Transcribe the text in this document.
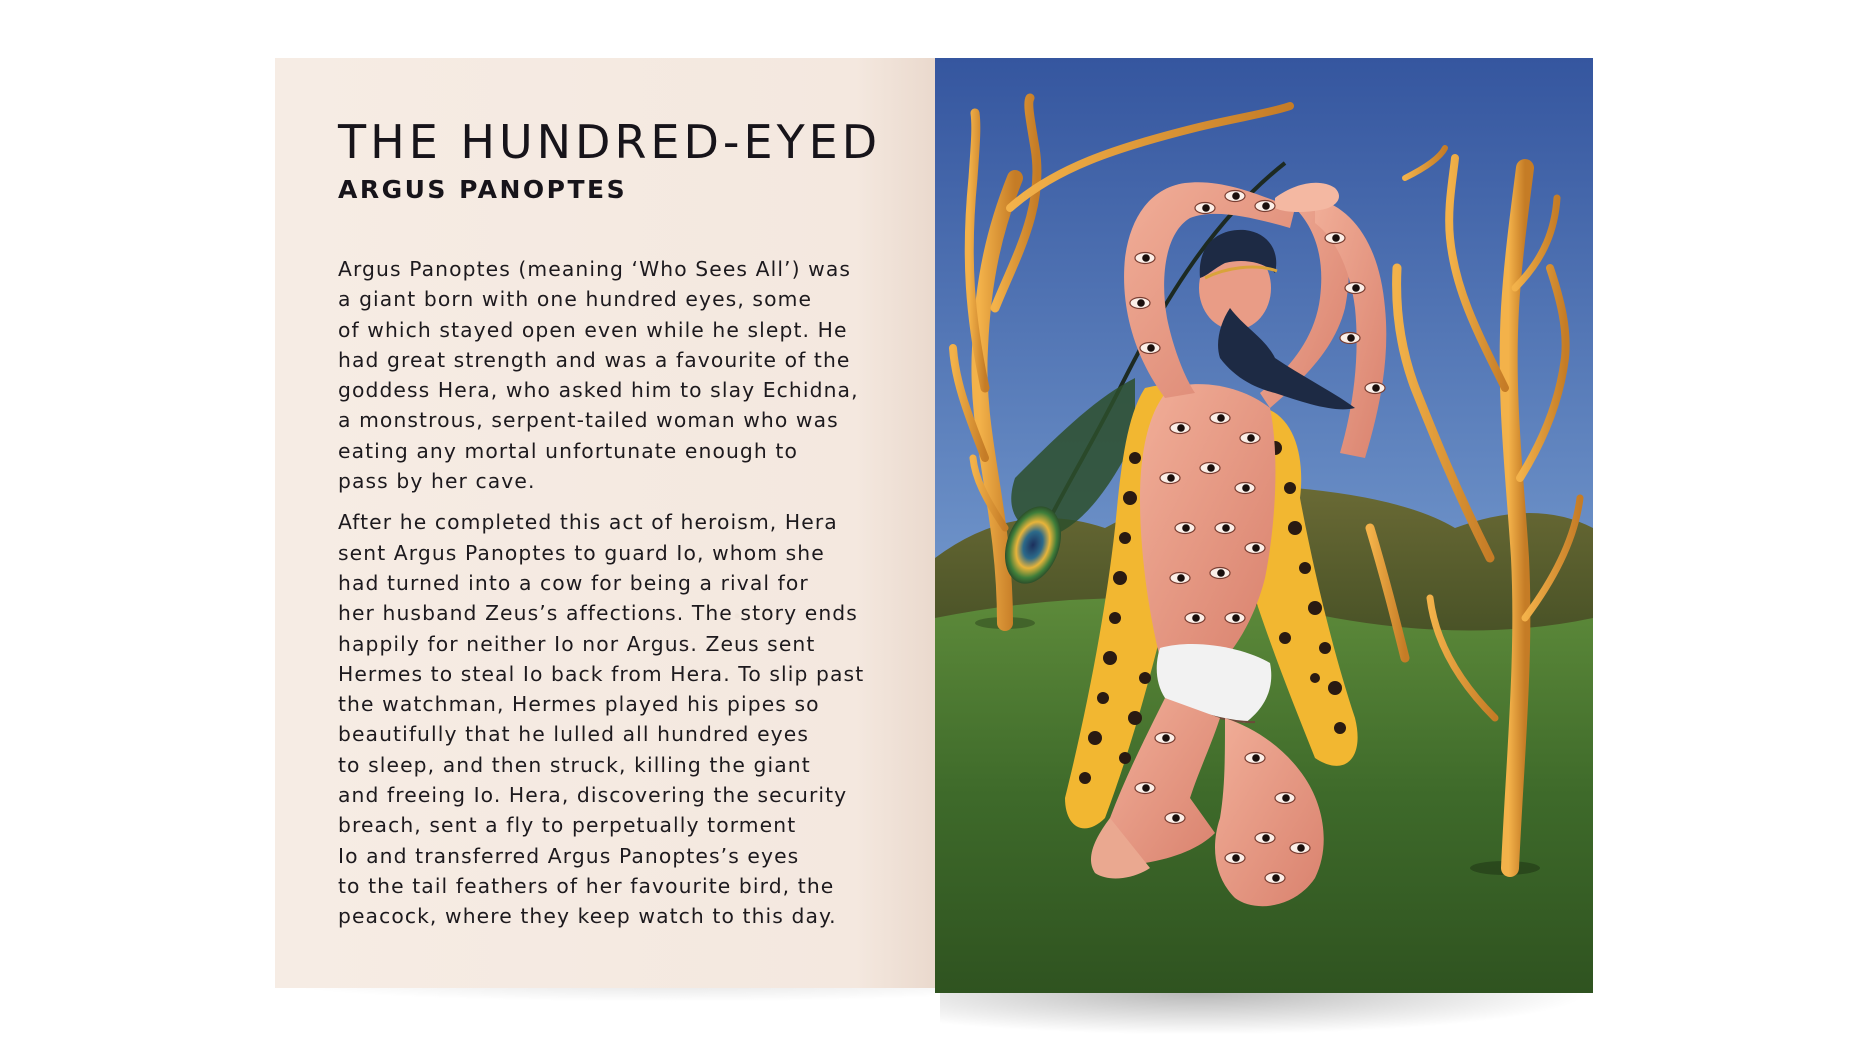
THE HUNDRED-EYED
ARGUS PANOPTES

Argus Panoptes (meaning ‘Who Sees All’) was
a giant born with one hundred eyes, some
of which stayed open even while he slept. He
had great strength and was a favourite of the
goddess Hera, who asked him to slay Echidna,
a monstrous, serpent-tailed woman who was
eating any mortal unfortunate enough to
pass by her cave.

After he completed this act of heroism, Hera
sent Argus Panoptes to guard Io, whom she
had turned into a cow for being a rival for
her husband Zeus’s affections. The story ends
happily for neither Io nor Argus. Zeus sent
Hermes to steal Io back from Hera. To slip past
the watchman, Hermes played his pipes so
beautifully that he lulled all hundred eyes
to sleep, and then struck, killing the giant
and freeing Io. Hera, discovering the security
breach, sent a fly to perpetually torment
Io and transferred Argus Panoptes’s eyes
to the tail feathers of her favourite bird, the
peacock, where they keep watch to this day.
